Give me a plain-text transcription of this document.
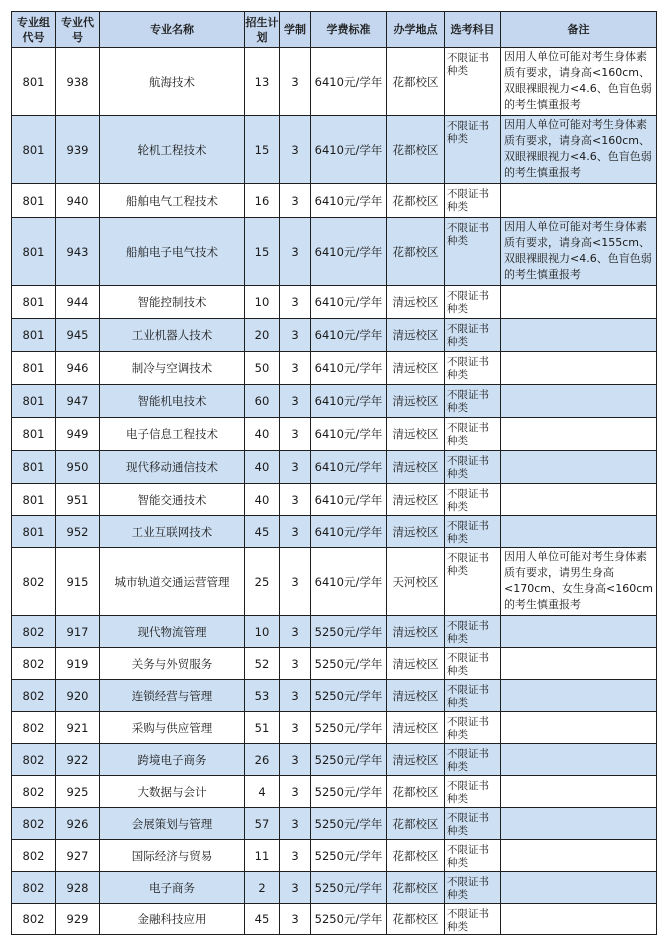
专业组代号	专业代号	专业名称	招生计划	学制	学费标准	办学地点	选考科目	备注
801	938	航海技术	13	3	6410元/学年	花都校区	不限证书种类	因用人单位可能对考生身体素质有要求，请身高<160cm、双眼裸眼视力<4.6、色盲色弱的考生慎重报考
801	939	轮机工程技术	15	3	6410元/学年	花都校区	不限证书种类	因用人单位可能对考生身体素质有要求，请身高<160cm、双眼裸眼视力<4.6、色盲色弱的考生慎重报考
801	940	船舶电气工程技术	16	3	6410元/学年	花都校区	不限证书种类	
801	943	船舶电子电气技术	15	3	6410元/学年	花都校区	不限证书种类	因用人单位可能对考生身体素质有要求，请身高<155cm、双眼裸眼视力<4.6、色盲色弱的考生慎重报考
801	944	智能控制技术	10	3	6410元/学年	清远校区	不限证书种类	
801	945	工业机器人技术	20	3	6410元/学年	清远校区	不限证书种类	
801	946	制冷与空调技术	50	3	6410元/学年	清远校区	不限证书种类	
801	947	智能机电技术	60	3	6410元/学年	清远校区	不限证书种类	
801	949	电子信息工程技术	40	3	6410元/学年	清远校区	不限证书种类	
801	950	现代移动通信技术	40	3	6410元/学年	清远校区	不限证书种类	
801	951	智能交通技术	40	3	6410元/学年	清远校区	不限证书种类	
801	952	工业互联网技术	45	3	6410元/学年	清远校区	不限证书种类	
802	915	城市轨道交通运营管理	25	3	6410元/学年	天河校区	不限证书种类	因用人单位可能对考生身体素质有要求，请男生身高<170cm、女生身高<160cm的考生慎重报考
802	917	现代物流管理	10	3	5250元/学年	清远校区	不限证书种类	
802	919	关务与外贸服务	52	3	5250元/学年	清远校区	不限证书种类	
802	920	连锁经营与管理	53	3	5250元/学年	清远校区	不限证书种类	
802	921	采购与供应管理	51	3	5250元/学年	清远校区	不限证书种类	
802	922	跨境电子商务	26	3	5250元/学年	清远校区	不限证书种类	
802	925	大数据与会计	4	3	5250元/学年	花都校区	不限证书种类	
802	926	会展策划与管理	57	3	5250元/学年	花都校区	不限证书种类	
802	927	国际经济与贸易	11	3	5250元/学年	花都校区	不限证书种类	
802	928	电子商务	2	3	5250元/学年	花都校区	不限证书种类	
802	929	金融科技应用	45	3	5250元/学年	花都校区	不限证书种类	
